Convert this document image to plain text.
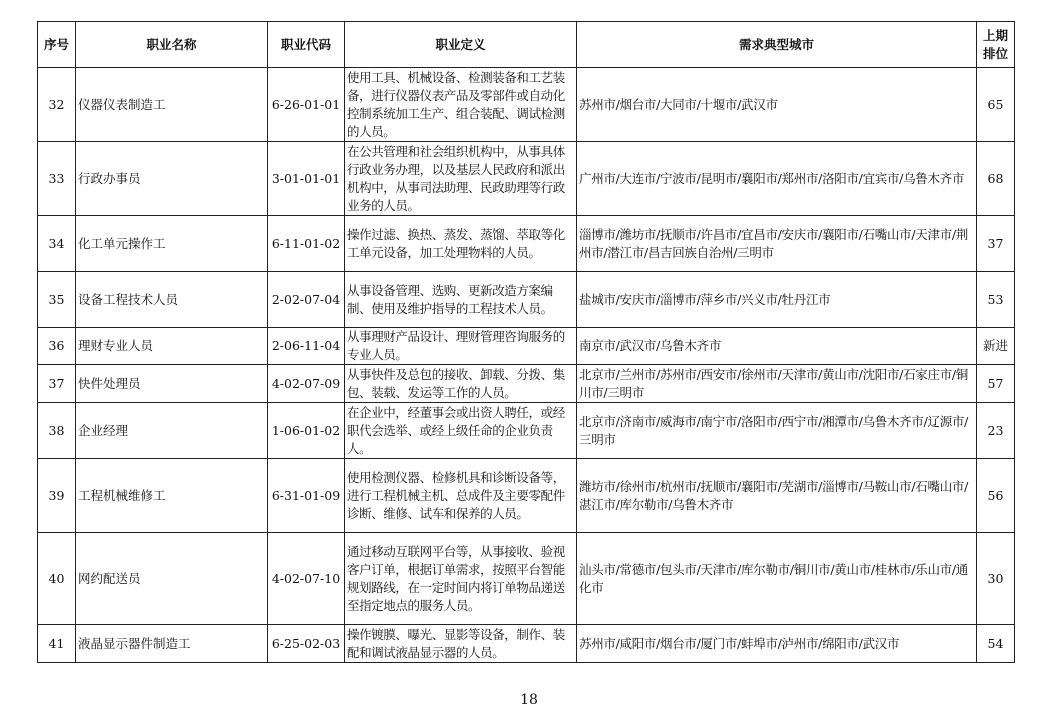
序号	职业名称	职业代码	职业定义	需求典型城市	上期排位
32	仪器仪表制造工	6-26-01-01	使用工具、机械设备、检测装备和工艺装备，进行仪器仪表产品及零部件或自动化控制系统加工生产、组合装配、调试检测的人员。	苏州市/烟台市/大同市/十堰市/武汉市	65
33	行政办事员	3-01-01-01	在公共管理和社会组织机构中，从事具体行政业务办理，以及基层人民政府和派出机构中，从事司法助理、民政助理等行政业务的人员。	广州市/大连市/宁波市/昆明市/襄阳市/郑州市/洛阳市/宜宾市/乌鲁木齐市	68
34	化工单元操作工	6-11-01-02	操作过滤、换热、蒸发、蒸馏、萃取等化工单元设备，加工处理物料的人员。	淄博市/潍坊市/抚顺市/许昌市/宜昌市/安庆市/襄阳市/石嘴山市/天津市/荆州市/潜江市/昌吉回族自治州/三明市	37
35	设备工程技术人员	2-02-07-04	从事设备管理、选购、更新改造方案编制、使用及维护指导的工程技术人员。	盐城市/安庆市/淄博市/萍乡市/兴义市/牡丹江市	53
36	理财专业人员	2-06-11-04	从事理财产品设计、理财管理咨询服务的专业人员。	南京市/武汉市/乌鲁木齐市	新进
37	快件处理员	4-02-07-09	从事快件及总包的接收、卸载、分拨、集包、装载、发运等工作的人员。	北京市/兰州市/苏州市/西安市/徐州市/天津市/黄山市/沈阳市/石家庄市/铜川市/三明市	57
38	企业经理	1-06-01-02	在企业中，经董事会或出资人聘任，或经职代会选举、或经上级任命的企业负责人。	北京市/济南市/威海市/南宁市/洛阳市/西宁市/湘潭市/乌鲁木齐市/辽源市/三明市	23
39	工程机械维修工	6-31-01-09	使用检测仪器、检修机具和诊断设备等，进行工程机械主机、总成件及主要零配件诊断、维修、试车和保养的人员。	潍坊市/徐州市/杭州市/抚顺市/襄阳市/芜湖市/淄博市/马鞍山市/石嘴山市/湛江市/库尔勒市/乌鲁木齐市	56
40	网约配送员	4-02-07-10	通过移动互联网平台等，从事接收、验视客户订单，根据订单需求，按照平台智能规划路线，在一定时间内将订单物品递送至指定地点的服务人员。	汕头市/常德市/包头市/天津市/库尔勒市/铜川市/黄山市/桂林市/乐山市/通化市	30
41	液晶显示器件制造工	6-25-02-03	操作镀膜、曝光、显影等设备，制作、装配和调试液晶显示器的人员。	苏州市/咸阳市/烟台市/厦门市/蚌埠市/泸州市/绵阳市/武汉市	54
18
